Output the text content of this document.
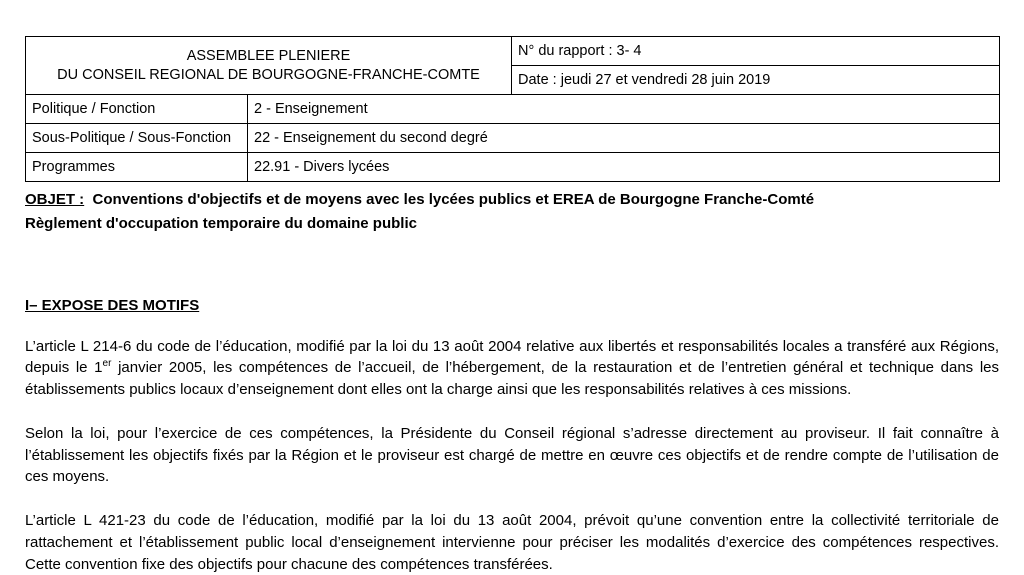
ASSEMBLEE PLENIERE
DU CONSEIL REGIONAL DE BOURGOGNE-FRANCHE-COMTE		N° du rapport : 3- 4
		Date : jeudi 27 et vendredi 28 juin 2019
Politique / Fonction	2 - Enseignement	
Sous-Politique / Sous-Fonction	22 - Enseignement du second degré	
Programmes	22.91 - Divers lycées	

OBJET : Conventions d'objectifs et de moyens avec les lycées publics et EREA de Bourgogne Franche-Comté

Règlement d'occupation temporaire du domaine public
I– EXPOSE DES MOTIFS

L’article L 214-6 du code de l’éducation, modifié par la loi du 13 août 2004 relative aux libertés et responsabilités locales a transféré aux Régions, depuis le 1er janvier 2005, les compétences de l’accueil, de l’hébergement, de la restauration et de l’entretien général et technique dans les établissements publics locaux d’enseignement dont elles ont la charge ainsi que les responsabilités relatives à ces missions.

Selon la loi, pour l’exercice de ces compétences, la Présidente du Conseil régional s’adresse directement au proviseur. Il fait connaître à l’établissement les objectifs fixés par la Région et le proviseur est chargé de mettre en œuvre ces objectifs et de rendre compte de l’utilisation de ces moyens.

L’article L 421-23 du code de l’éducation, modifié par la loi du 13 août 2004, prévoit qu’une convention entre la collectivité territoriale de rattachement et l’établissement public local d’enseignement intervienne pour préciser les modalités d’exercice des compétences respectives. Cette convention fixe des objectifs pour chacune des compétences transférées.
